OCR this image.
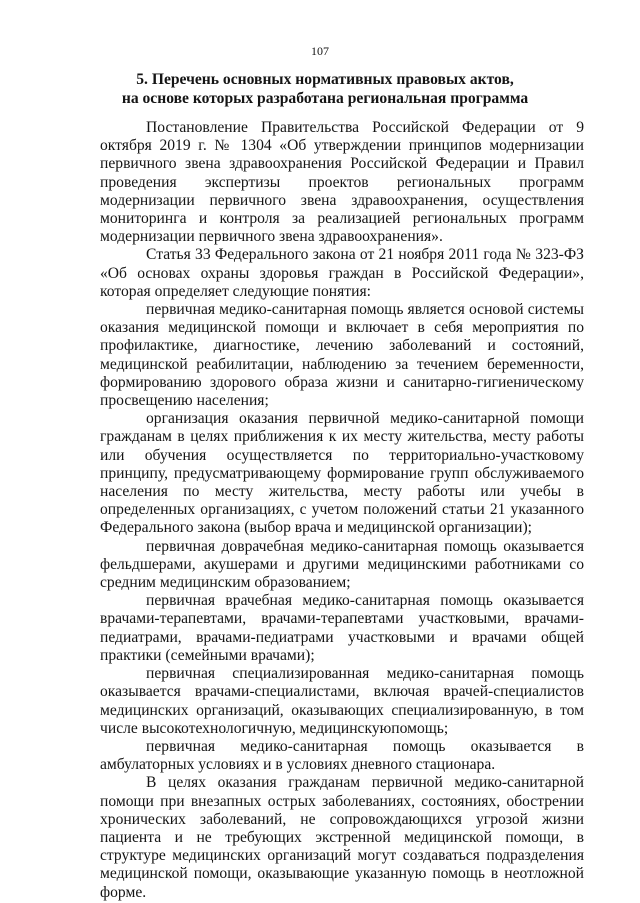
107
5. Перечень основных нормативных правовых актов,
на основе которых разработана региональная программа

Постановление Правительства Российской Федерации от 9 октября 2019 г. № 1304 «Об утверждении принципов модернизации первичного звена здравоохранения Российской Федерации и Правил проведения экспертизы проектов региональных программ модернизации первичного звена здравоохранения, осуществления мониторинга и контроля за реализацией региональных программ модернизации первичного звена здравоохранения».

Статья 33 Федерального закона от 21 ноября 2011 года № 323-ФЗ «Об основах охраны здоровья граждан в Российской Федерации», которая определяет следующие понятия:

первичная медико-санитарная помощь является основой системы оказания медицинской помощи и включает в себя мероприятия по профилактике, диагностике, лечению заболеваний и состояний, медицинской реабилитации, наблюдению за течением беременности, формированию здорового образа жизни и санитарно-гигиеническому просвещению населения;

организация оказания первичной медико-санитарной помощи гражданам в целях приближения к их месту жительства, месту работы или обучения осуществляется по территориально-участковому принципу, предусматривающему формирование групп обслуживаемого населения по месту жительства, месту работы или учебы в определенных организациях, с учетом положений статьи 21 указанного Федерального закона (выбор врача и медицинской организации);

первичная доврачебная медико-санитарная помощь оказывается фельдшерами, акушерами и другими медицинскими работниками со средним медицинским образованием;

первичная врачебная медико-санитарная помощь оказывается врачами-терапевтами, врачами-терапевтами участковыми, врачами-педиатрами, врачами-педиатрами участковыми и врачами общей практики (семейными врачами);

первичная специализированная медико-санитарная помощь оказывается врачами-специалистами, включая врачей-специалистов медицинских организаций, оказывающих специализированную, в том числе высокотехнологичную, медицинскуюпомощь;

первичная медико-санитарная помощь оказывается в амбулаторных условиях и в условиях дневного стационара.

В целях оказания гражданам первичной медико-санитарной помощи при внезапных острых заболеваниях, состояниях, обострении хронических заболеваний, не сопровождающихся угрозой жизни пациента и не требующих экстренной медицинской помощи, в структуре медицинских организаций могут создаваться подразделения медицинской помощи, оказывающие указанную помощь в неотложной форме.
